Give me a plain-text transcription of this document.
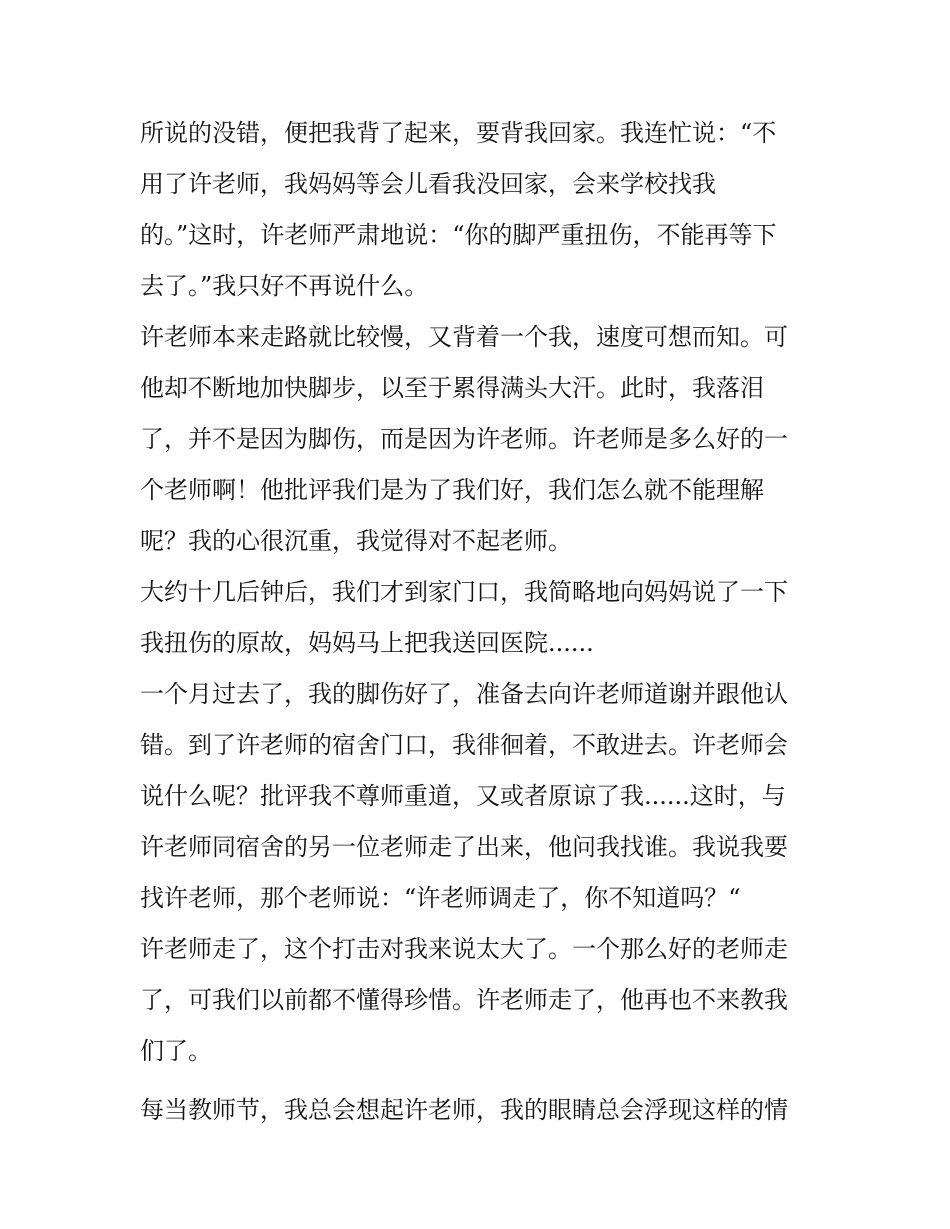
所说的没错，便把我背了起来，要背我回家。我连忙说：“不
用了许老师，我妈妈等会儿看我没回家，会来学校找我
的。”这时，许老师严肃地说：“你的脚严重扭伤，不能再等下
去了。”我只好不再说什么。
许老师本来走路就比较慢，又背着一个我，速度可想而知。可
他却不断地加快脚步，以至于累得满头大汗。此时，我落泪
了，并不是因为脚伤，而是因为许老师。许老师是多么好的一
个老师啊！他批评我们是为了我们好，我们怎么就不能理解
呢？我的心很沉重，我觉得对不起老师。
大约十几后钟后，我们才到家门口，我简略地向妈妈说了一下
我扭伤的原故，妈妈马上把我送回医院......
一个月过去了，我的脚伤好了，准备去向许老师道谢并跟他认
错。到了许老师的宿舍门口，我徘徊着，不敢进去。许老师会
说什么呢？批评我不尊师重道，又或者原谅了我......这时，与
许老师同宿舍的另一位老师走了出来，他问我找谁。我说我要
找许老师，那个老师说：“许老师调走了，你不知道吗？“
许老师走了，这个打击对我来说太大了。一个那么好的老师走
了，可我们以前都不懂得珍惜。许老师走了，他再也不来教我
们了。
每当教师节，我总会想起许老师，我的眼睛总会浮现这样的情
